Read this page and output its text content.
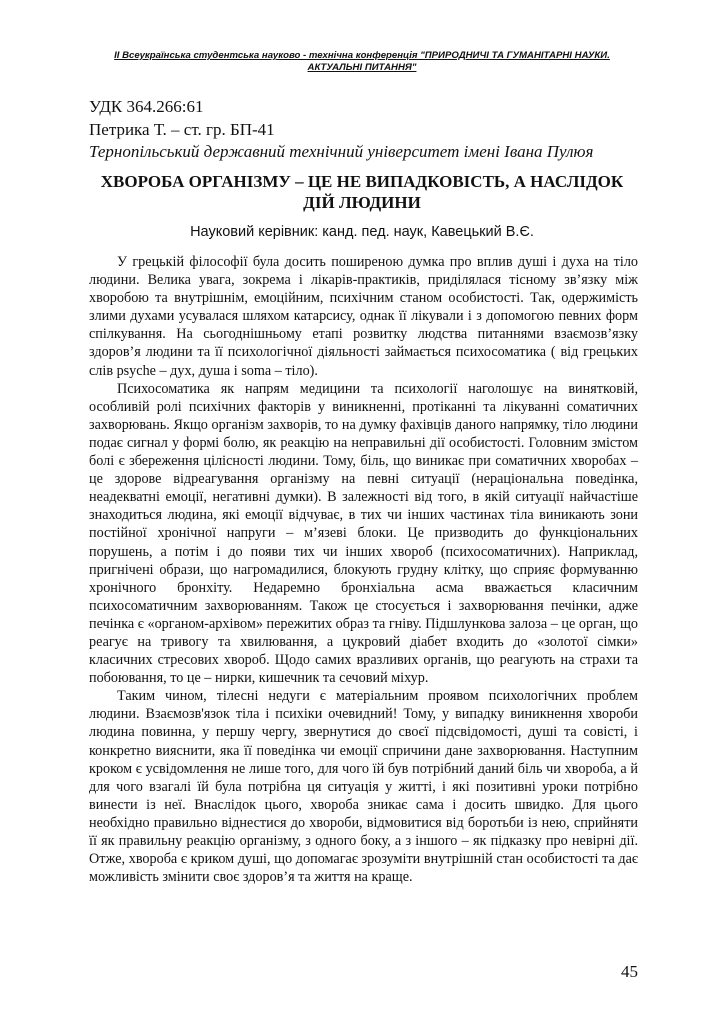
ІІ Всеукраїнська студентська науково - технічна конференція "ПРИРОДНИЧІ ТА ГУМАНІТАРНІ НАУКИ.
АКТУАЛЬНІ ПИТАННЯ"
УДК 364.266:61
Петрика Т. – ст. гр. БП-41
Тернопільський державний технічний університет імені Івана Пулюя
ХВОРОБА ОРГАНІЗМУ – ЦЕ НЕ ВИПАДКОВІСТЬ, А НАСЛІДОК
ДІЙ ЛЮДИНИ
Науковий керівник: канд. пед. наук, Кавецький В.Є.

У грецькій філософії була досить поширеною думка про вплив душі і духа на тіло людини. Велика увага, зокрема і лікарів-практиків, приділялася тісному зв’язку між хворобою та внутрішнім, емоційним, психічним станом особистості. Так, одержимість злими духами усувалася шляхом катарсису, однак її лікували і з допомогою певних форм спілкування. На сьогоднішньому етапі розвитку людства питаннями взаємозв’язку здоров’я людини та її психологічної діяльності займається психосоматика ( від грецьких слів psyche – дух, душа і soma – тіло).

Психосоматика як напрям медицини та психології наголошує на винятковій, особливій ролі психічних факторів у виникненні, протіканні та лікуванні соматичних захворювань. Якщо організм захворів, то на думку фахівців даного напрямку, тіло людини подає сигнал у формі болю, як реакцію на неправильні дії особистості. Головним змістом болі є збереження цілісності людини. Тому, біль, що виникає при соматичних хворобах – це здорове відреагування організму на певні ситуації (нераціональна поведінка, неадекватні емоції, негативні думки). В залежності від того, в якій ситуації найчастіше знаходиться людина, які емоції відчуває, в тих чи інших частинах тіла виникають зони постійної хронічної напруги – м’язеві блоки. Це призводить до функціональних порушень, а потім і до появи тих чи інших хвороб (психосоматичних). Наприклад, пригнічені образи, що нагромадилися, блокують грудну клітку, що сприяє формуванню хронічного бронхіту. Недаремно бронхіальна асма вважається класичним психосоматичним захворюванням. Також це стосується і захворювання печінки, адже печінка є «органом-архівом» пережитих образ та гніву. Підшлункова залоза – це орган, що реагує на тривогу та хвилювання, а цукровий діабет входить до «золотої сімки» класичних стресових хвороб. Щодо самих вразливих органів, що реагують на страхи та побоювання, то це – нирки, кишечник та сечовий міхур.

Таким чином, тілесні недуги є матеріальним проявом психологічних проблем людини. Взаємозв'язок тіла і психіки очевидний! Тому, у випадку виникнення хвороби людина повинна, у першу чергу, звернутися до своєї підсвідомості, душі та совісті, і конкретно вияснити, яка її поведінка чи емоції спричини дане захворювання. Наступним кроком є усвідомлення не лише того, для чого їй був потрібний даний біль чи хвороба, а й для чого взагалі їй була потрібна ця ситуація у житті, і які позитивні уроки потрібно винести із неї. Внаслідок цього, хвороба зникає сама і досить швидко. Для цього необхідно правильно віднестися до хвороби, відмовитися від боротьби із нею, сприйняти її як правильну реакцію організму, з одного боку, а з іншого – як підказку про невірні дії. Отже, хвороба є криком душі, що допомагає зрозуміти внутрішній стан особистості та дає можливість змінити своє здоров’я та життя на краще.

45
